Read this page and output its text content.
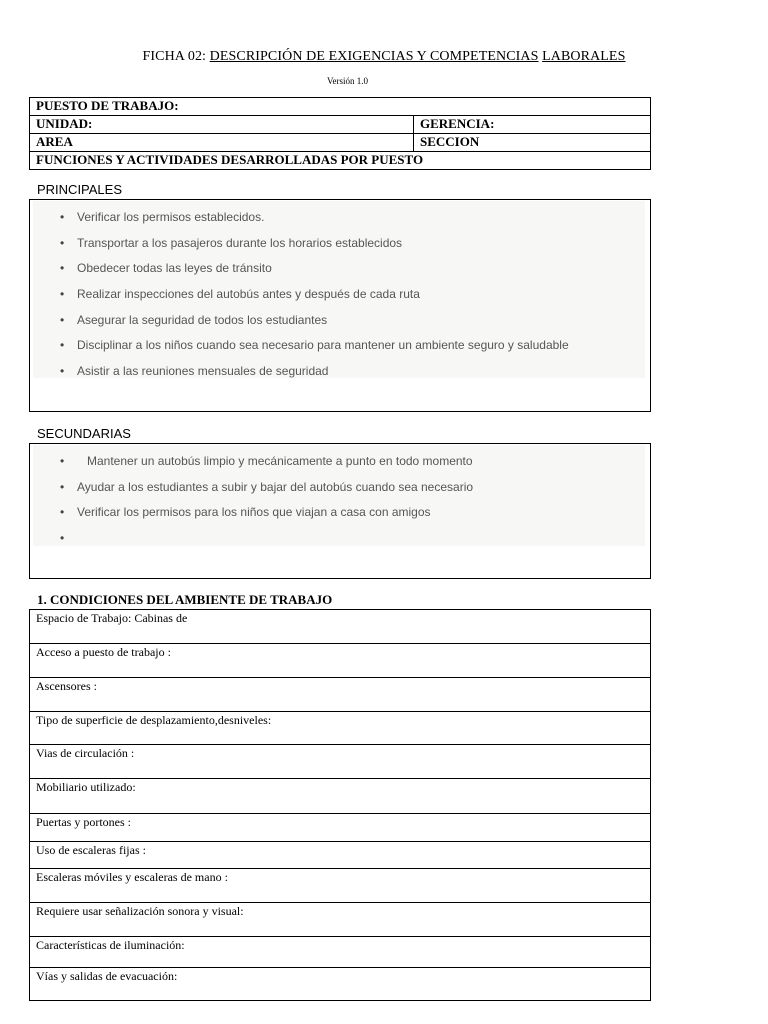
FICHA 02: DESCRIPCIÓN DE EXIGENCIAS Y COMPETENCIAS LABORALES
Versión 1.0
PUESTO DE TRABAJO:	
UNIDAD:	GERENCIA:
AREA	SECCION
FUNCIONES Y ACTIVIDADES DESARROLLADAS POR PUESTO	
PRINCIPALES
• Verificar los permisos establecidos.
• Transportar a los pasajeros durante los horarios establecidos
• Obedecer todas las leyes de tránsito
• Realizar inspecciones del autobús antes y después de cada ruta
• Asegurar la seguridad de todos los estudiantes
• Disciplinar a los niños cuando sea necesario para mantener un ambiente seguro y saludable
• Asistir a las reuniones mensuales de seguridad
SECUNDARIAS
• Mantener un autobús limpio y mecánicamente a punto en todo momento
• Ayudar a los estudiantes a subir y bajar del autobús cuando sea necesario
• Verificar los permisos para los niños que viajan a casa con amigos
•
1. CONDICIONES DEL AMBIENTE DE TRABAJO
Espacio de Trabajo: Cabinas de
Acceso a puesto de trabajo :
Ascensores :
Tipo de superficie de desplazamiento,desniveles:
Vias de circulación :
Mobiliario utilizado:
Puertas y portones :
Uso de escaleras fijas :
Escaleras móviles y escaleras de mano :
Requiere usar señalización sonora y visual:
Características de iluminación:
Vías y salidas de evacuación:
